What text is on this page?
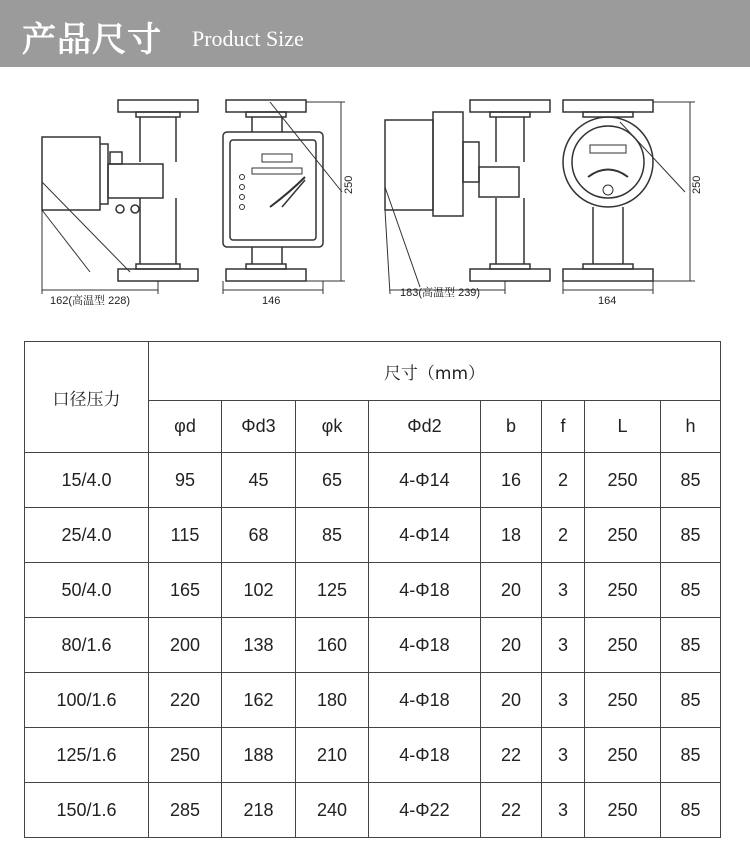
产品尺寸 Product Size
162(高温型 228)	146
250
183(高温型 239)
164
250
口径压力	尺寸（mm）							
	φd	Φd3	φk	Φd2	b	f	L	h
15/4.0	95	45	65	4-Φ14	16	2	250	85
25/4.0	115	68	85	4-Φ14	18	2	250	85
50/4.0	165	102	125	4-Φ18	20	3	250	85
80/1.6	200	138	160	4-Φ18	20	3	250	85
100/1.6	220	162	180	4-Φ18	20	3	250	85
125/1.6	250	188	210	4-Φ18	22	3	250	85
150/1.6	285	218	240	4-Φ22	22	3	250	85
